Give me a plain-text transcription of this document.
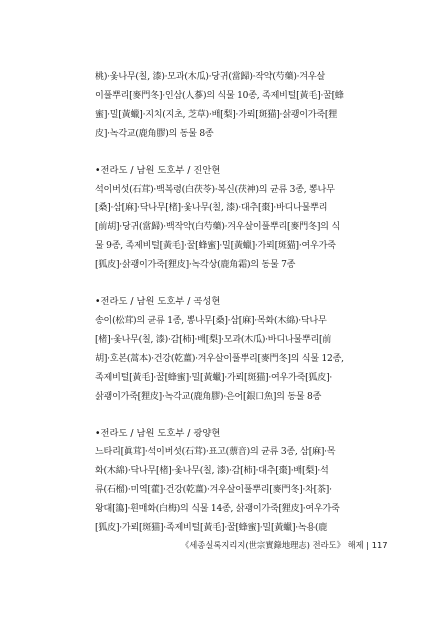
桃)·옻나무(칠, 漆)·모과(木瓜)·당귀(當歸)·작약(芍藥)·겨우살

이풀뿌리[麥門冬]·인삼(人蔘)의 식물 10종, 족제비털[黃毛]·꿀[蜂

蜜]·밀[黃蠟]·지치(지초, 芝草)·배[梨]·가뢰[斑猫]·삵괭이가죽[狸

皮]·녹각교(鹿角膠)의 동물 8종

•전라도 / 남원 도호부 / 진안현

석이버섯(石茸)·백복령(白茯苓)·복신(茯神)의 균류 3종, 뽕나무

[桑]·삼[麻]·닥나무[楮]·옻나무(칠, 漆)·대추[棗]·바디나물뿌리

[前胡]·당귀(當歸)·백작약(白芍藥)·겨우살이풀뿌리[麥門冬]의 식

물 9종, 족제비털[黃毛]·꿀[蜂蜜]·밀[黃蠟]·가뢰[斑猫]·여우가죽

[狐皮]·삵괭이가죽[狸皮]·녹각상(鹿角霜)의 동물 7종

•전라도 / 남원 도호부 / 곡성현

송이(松茸)의 균류 1종, 뽕나무[桑]·삼[麻]·목화(木綿)·닥나무

[楮]·옻나무(칠, 漆)·감[柿]·배[梨]·모과(木瓜)·바디나물뿌리[前

胡]·호본(蒿本)·건강(乾薑)·겨우살이풀뿌리[麥門冬]의 식물 12종,

족제비털[黃毛]·꿀[蜂蜜]·밀[黃蠟]·가뢰[斑猫]·여우가죽[狐皮]·

삵괭이가죽[狸皮]·녹각교(鹿角膠)·은어[銀口魚]의 동물 8종

•전라도 / 남원 도호부 / 광양현

느타리[眞茸]·석이버섯(石茸)·표고(蔈音)의 균류 3종, 삼[麻]·목

화(木綿)·닥나무[楮]·옻나무(칠, 漆)·감[柿]·대추[棗]·배[梨]·석

류(石榴)·미역[藿]·건강(乾薑)·겨우살이풀뿌리[麥門冬]·차[茶]·

왕대[簜]·흰매화(白梅)의 식물 14종, 삵괭이가죽[狸皮]·여우가죽

[狐皮]·가뢰[斑猫]·족제비털[黃毛]·꿀[蜂蜜]·밀[黃蠟]·녹용(鹿

《세종실록지리지(世宗實錄地理志) 전라도》 해제 | 117
